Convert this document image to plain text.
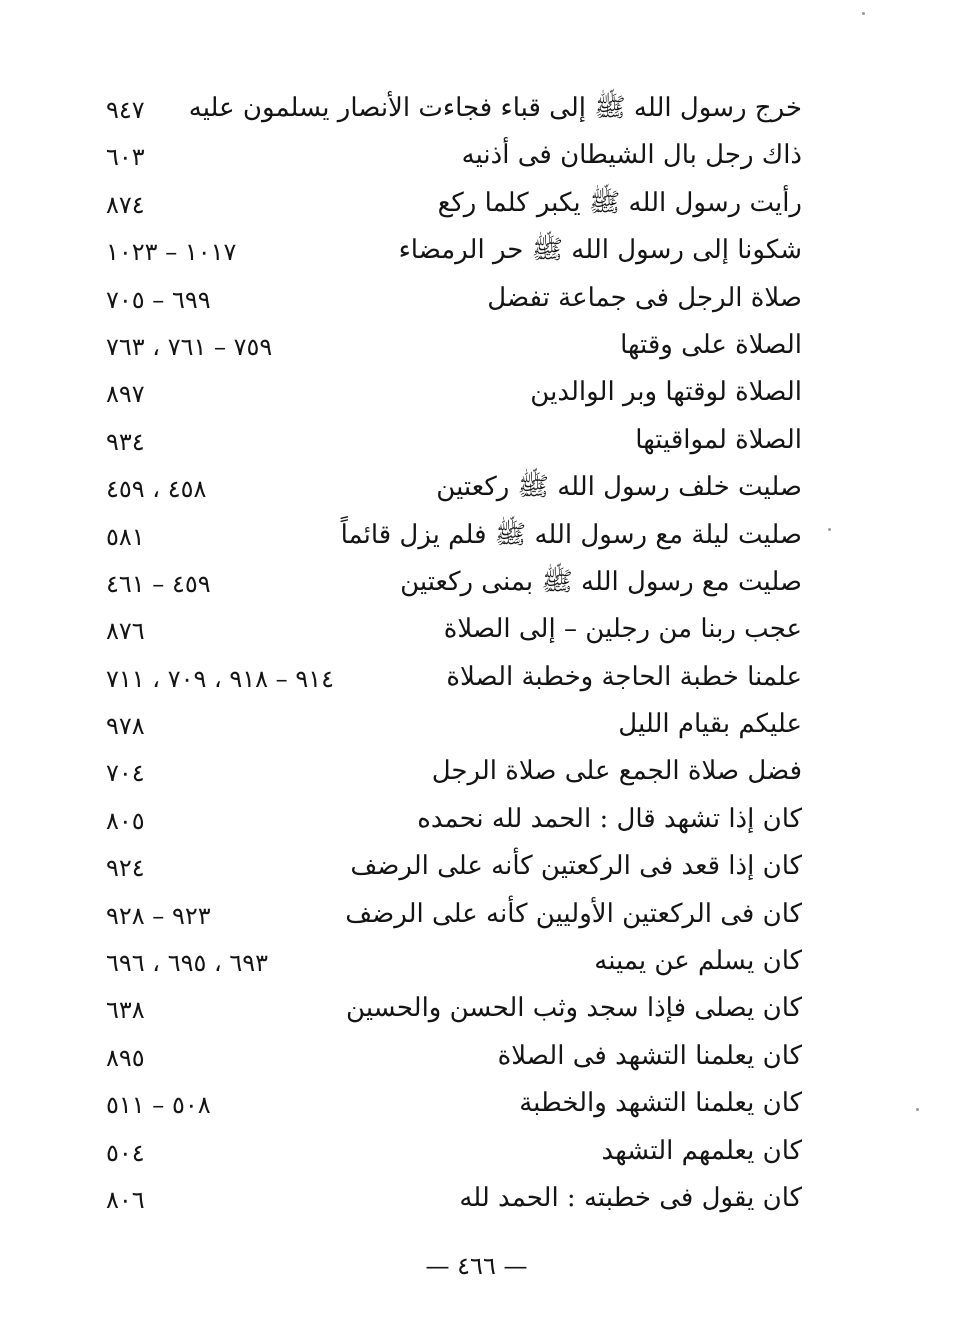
خرج رسول الله ﷺ إلى قباء فجاءت الأنصار يسلمون عليه
٩٤٧
ذاك رجل بال الشيطان فى أذنيه
٦٠٣
رأيت رسول الله ﷺ يكبر كلما ركع
٨٧٤
شكونا إلى رسول الله ﷺ حر الرمضاء
١٠١٧ – ١٠٢٣
صلاة الرجل فى جماعة تفضل
٦٩٩ – ٧٠٥
الصلاة على وقتها
٧٥٩ – ٧٦١ ، ٧٦٣
الصلاة لوقتها وبر الوالدين
٨٩٧
الصلاة لمواقيتها
٩٣٤
صليت خلف رسول الله ﷺ ركعتين
٤٥٨ ، ٤٥٩
صليت ليلة مع رسول الله ﷺ فلم يزل قائماً
٥٨١
صليت مع رسول الله ﷺ بمنى ركعتين
٤٥٩ – ٤٦١
عجب ربنا من رجلين – إلى الصلاة
٨٧٦
علمنا خطبة الحاجة وخطبة الصلاة
٩١٤ – ٩١٨ ، ٧٠٩ ، ٧١١
عليكم بقيام الليل
٩٧٨
فضل صلاة الجمع على صلاة الرجل
٧٠٤
كان إذا تشهد قال : الحمد لله نحمده
٨٠٥
كان إذا قعد فى الركعتين كأنه على الرضف
٩٢٤
كان فى الركعتين الأوليين كأنه على الرضف
٩٢٣ – ٩٢٨
كان يسلم عن يمينه
٦٩٣ ، ٦٩٥ ، ٦٩٦
كان يصلى فإذا سجد وثب الحسن والحسين
٦٣٨
كان يعلمنا التشهد فى الصلاة
٨٩٥
كان يعلمنا التشهد والخطبة
٥٠٨ – ٥١١
كان يعلمهم التشهد
٥٠٤
كان يقول فى خطبته : الحمد لله
٨٠٦
— ٤٦٦ —
